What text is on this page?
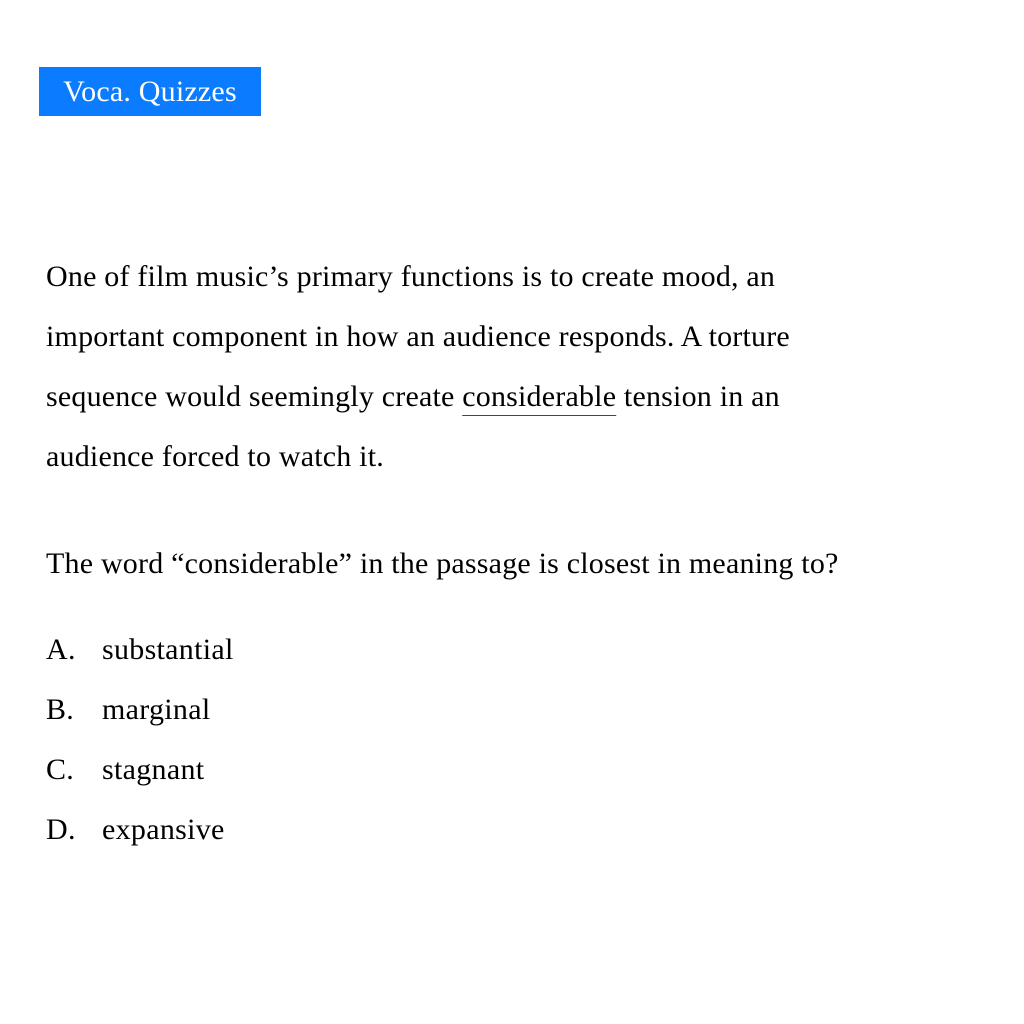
Voca. Quizzes

One of film music’s primary functions is to create mood, an
important component in how an audience responds. A torture
sequence would seemingly create considerable tension in an
audience forced to watch it.

The word “considerable” in the passage is closest in meaning to?

A. substantial
B. marginal
C. stagnant
D. expansive
